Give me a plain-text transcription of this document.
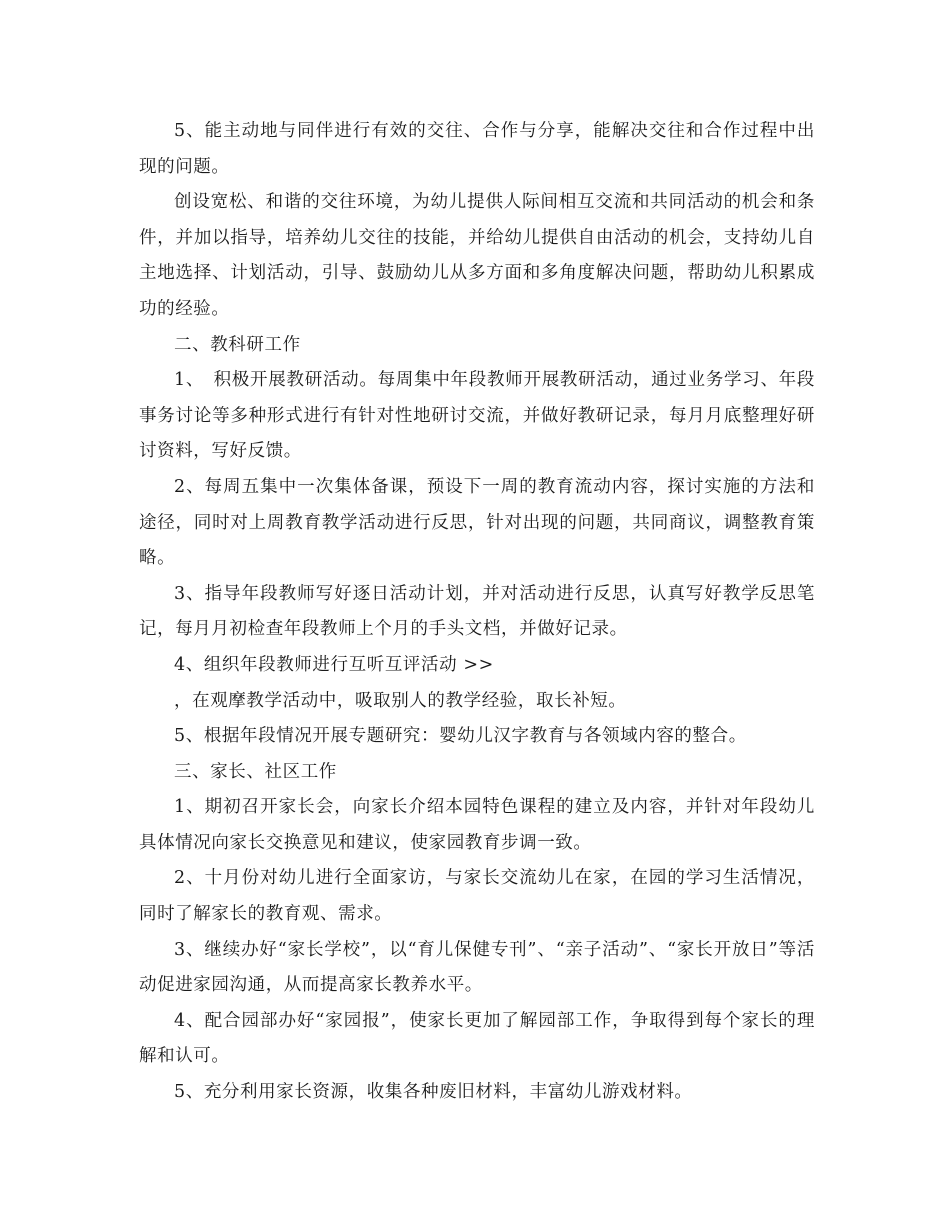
5、能主动地与同伴进行有效的交往、合作与分享，能解决交往和合作过程中出现的问题。

创设宽松、和谐的交往环境，为幼儿提供人际间相互交流和共同活动的机会和条件，并加以指导，培养幼儿交往的技能，并给幼儿提供自由活动的机会，支持幼儿自主地选择、计划活动，引导、鼓励幼儿从多方面和多角度解决问题，帮助幼儿积累成功的经验。

二、教科研工作

1、　积极开展教研活动。每周集中年段教师开展教研活动，通过业务学习、年段事务讨论等多种形式进行有针对性地研讨交流，并做好教研记录，每月月底整理好研讨资料，写好反馈。

2、每周五集中一次集体备课，预设下一周的教育流动内容，探讨实施的方法和途径，同时对上周教育教学活动进行反思，针对出现的问题，共同商议，调整教育策略。

3、指导年段教师写好逐日活动计划，并对活动进行反思，认真写好教学反思笔记，每月月初检查年段教师上个月的手头文档，并做好记录。

4、组织年段教师进行互听互评活动 >>

，在观摩教学活动中，吸取别人的教学经验，取长补短。

5、根据年段情况开展专题研究：婴幼儿汉字教育与各领域内容的整合。

三、家长、社区工作

1、期初召开家长会，向家长介绍本园特色课程的建立及内容，并针对年段幼儿具体情况向家长交换意见和建议，使家园教育步调一致。

2、十月份对幼儿进行全面家访，与家长交流幼儿在家，在园的学习生活情况，同时了解家长的教育观、需求。

3、继续办好“家长学校”，以“育儿保健专刊”、“亲子活动”、“家长开放日”等活动促进家园沟通，从而提高家长教养水平。

4、配合园部办好“家园报”，使家长更加了解园部工作，争取得到每个家长的理解和认可。

5、充分利用家长资源，收集各种废旧材料，丰富幼儿游戏材料。
